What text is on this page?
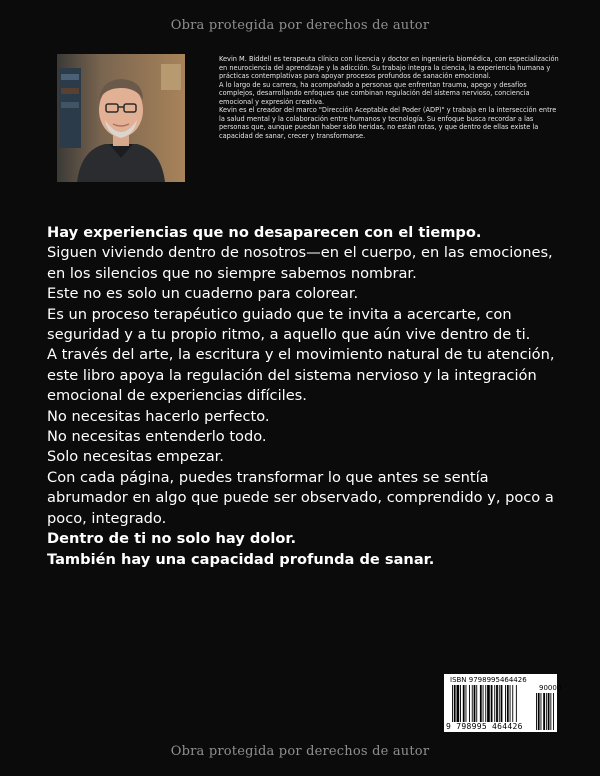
Obra protegida por derechos de autor

Kevin M. Biddell es terapeuta clínico con licencia y doctor en ingeniería biomédica, con especialización en neurociencia del aprendizaje y la adicción. Su trabajo integra la ciencia, la experiencia humana y prácticas contemplativas para apoyar procesos profundos de sanación emocional.

A lo largo de su carrera, ha acompañado a personas que enfrentan trauma, apego y desafíos complejos, desarrollando enfoques que combinan regulación del sistema nervioso, conciencia emocional y expresión creativa.

Kevin es el creador del marco "Dirección Aceptable del Poder (ADP)" y trabaja en la intersección entre la salud mental y la colaboración entre humanos y tecnología. Su enfoque busca recordar a las personas que, aunque puedan haber sido heridas, no están rotas, y que dentro de ellas existe la capacidad de sanar, crecer y transformarse.

Hay experiencias que no desaparecen con el tiempo.

Siguen viviendo dentro de nosotros—en el cuerpo, en las emociones, en los silencios que no siempre sabemos nombrar.

Este no es solo un cuaderno para colorear.

Es un proceso terapéutico guiado que te invita a acercarte, con seguridad y a tu propio ritmo, a aquello que aún vive dentro de ti.

A través del arte, la escritura y el movimiento natural de tu atención, este libro apoya la regulación del sistema nervioso y la integración emocional de experiencias difíciles.

No necesitas hacerlo perfecto.

No necesitas entenderlo todo.

Solo necesitas empezar.

Con cada página, puedes transformar lo que antes se sentía abrumador en algo que puede ser observado, comprendido y, poco a poco, integrado.

Dentro de ti no solo hay dolor.

También hay una capacidad profunda de sanar.

ISBN 9798995464426
90000
9 798995 464426
Obra protegida por derechos de autor
